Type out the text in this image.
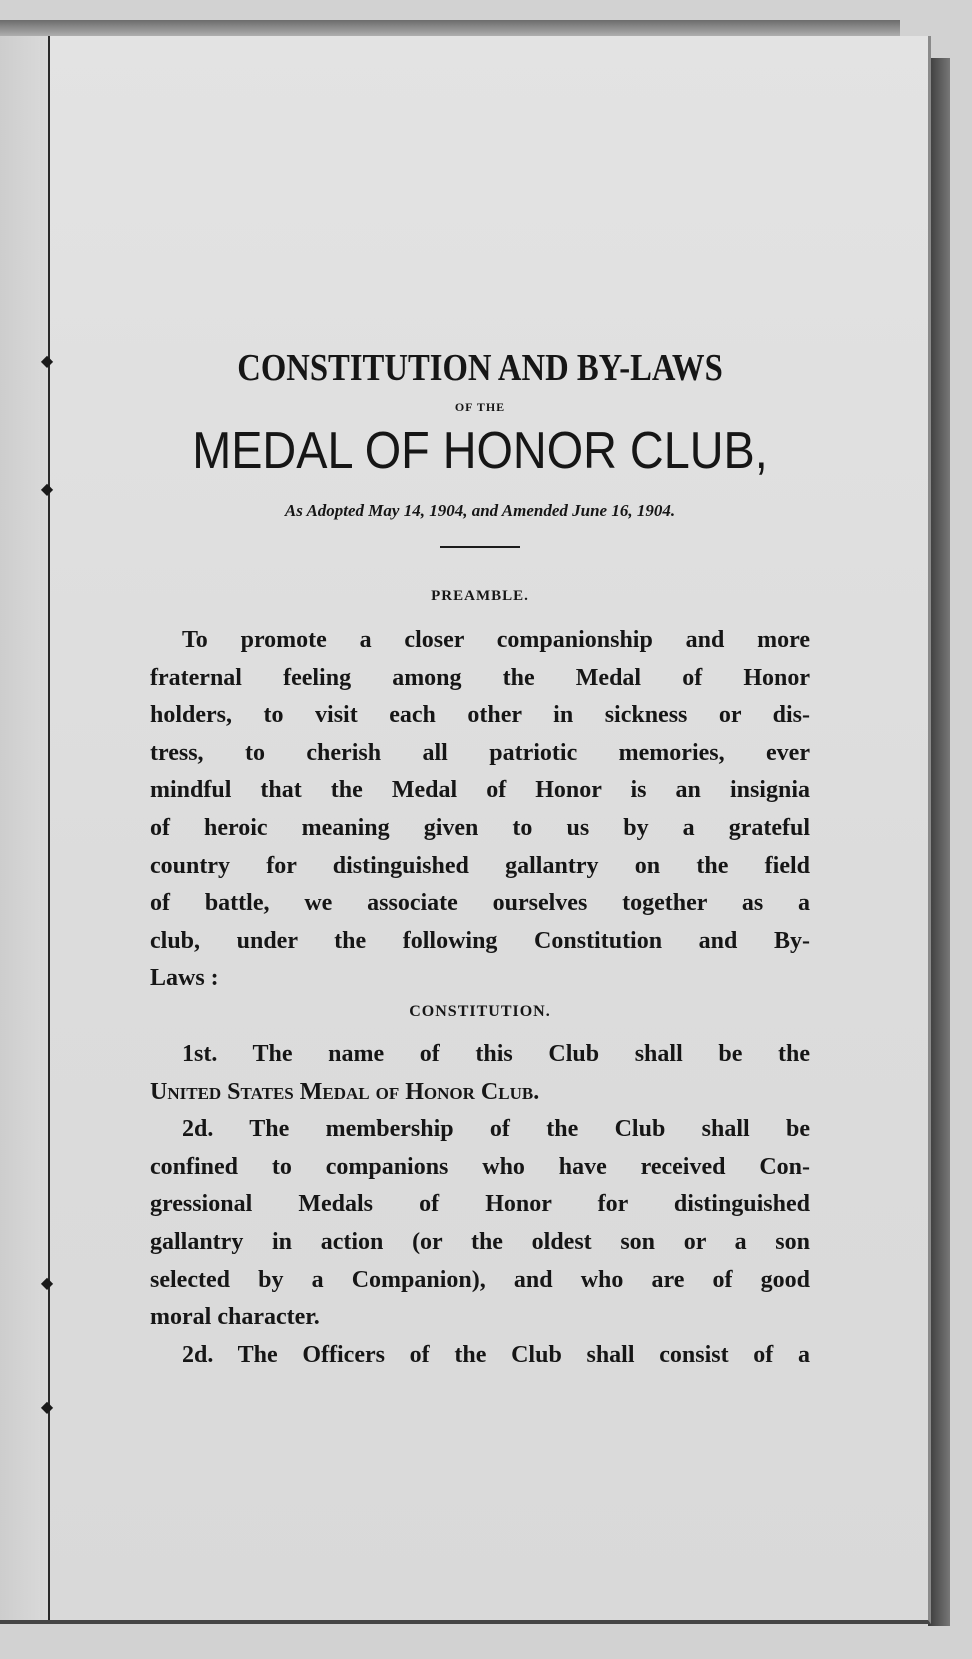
◆
◆
◆
◆
CONSTITUTION AND BY-LAWS
OF THE
MEDAL OF HONOR CLUB,
As Adopted May 14, 1904, and Amended June 16, 1904.
PREAMBLE.
To promote a closer companionship and more
fraternal feeling among the Medal of Honor
holders, to visit each other in sickness or dis-
tress, to cherish all patriotic memories, ever
mindful that the Medal of Honor is an insignia
of heroic meaning given to us by a grateful
country for distinguished gallantry on the field
of battle, we associate ourselves together as a
club, under the following Constitution and By-
Laws :
CONSTITUTION.
1st. The name of this Club shall be the
United States Medal of Honor Club.
2d. The membership of the Club shall be
confined to companions who have received Con-
gressional Medals of Honor for distinguished
gallantry in action (or the oldest son or a son
selected by a Companion), and who are of good
moral character.
2d. The Officers of the Club shall consist of a
